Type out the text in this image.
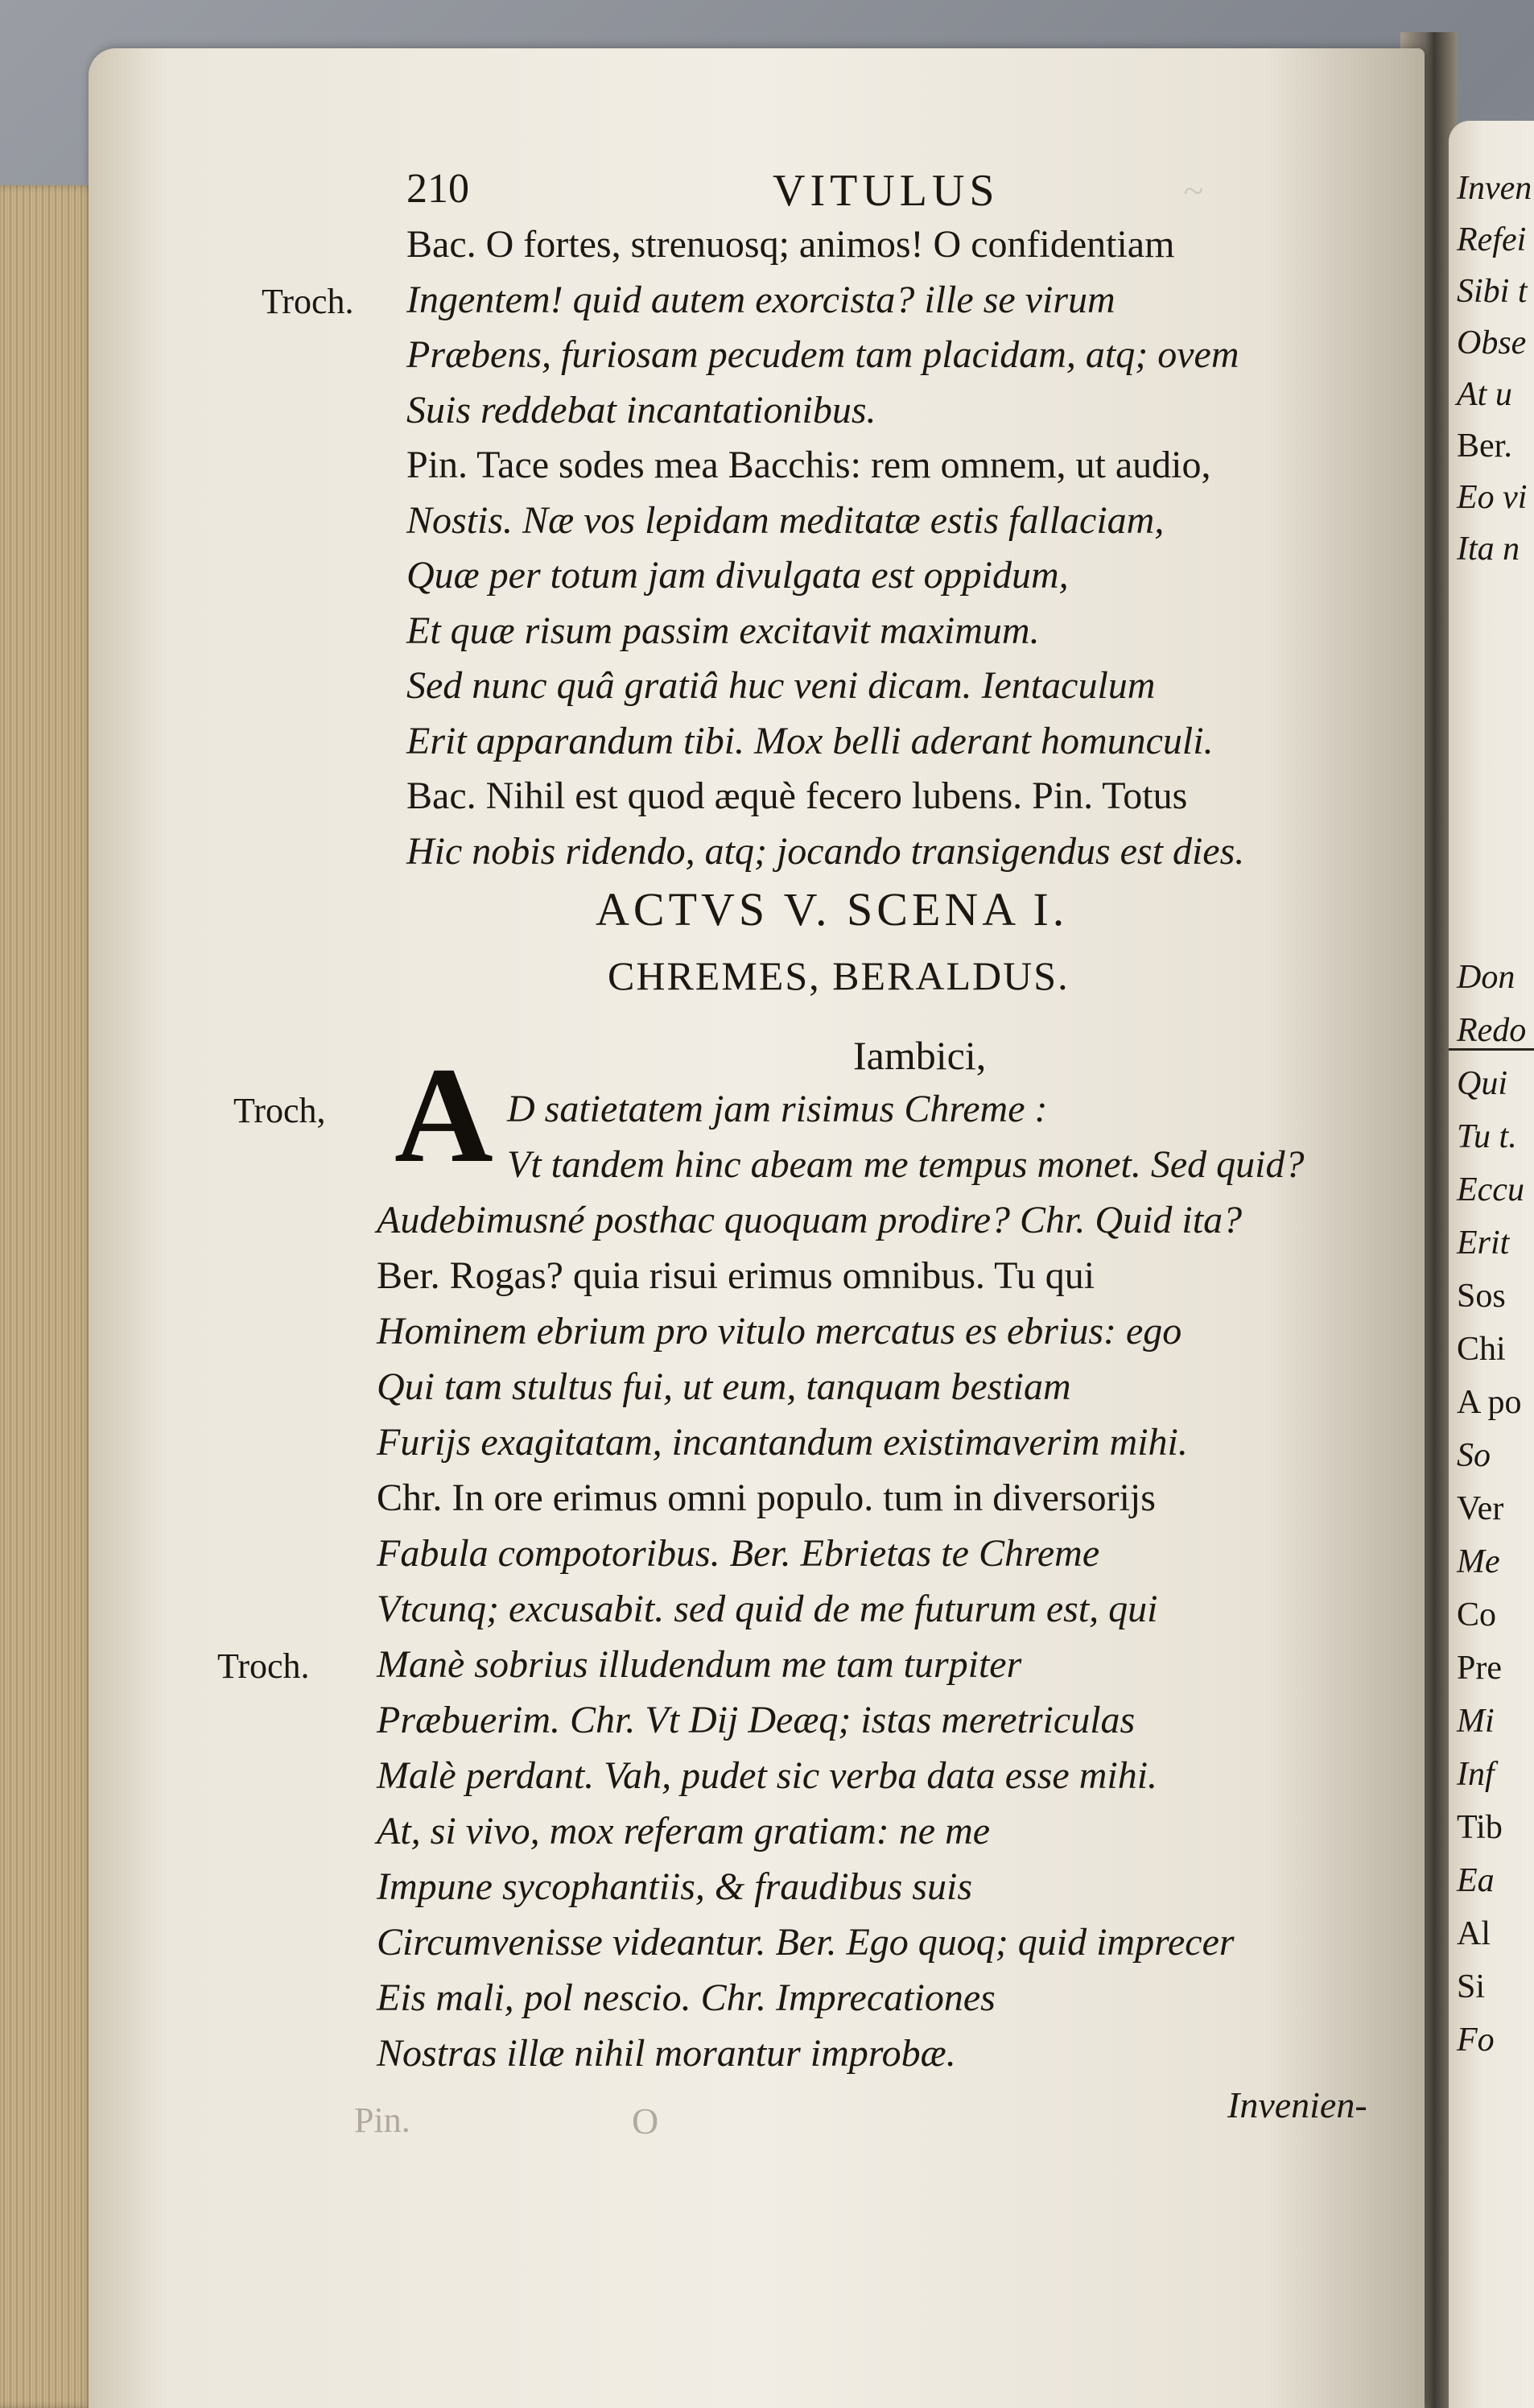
Inven
Refei
Sibi t
Obse
At u
Ber.
Eo vi
Ita n
Don
Redo
Qui
Tu t.
Eccu
Erit
Sos
Chi
A po
So
Ver
Me
Co
Pre
Mi
Inf
Tib
Ea
Al
Si
Fo
~
210	VITULUS
ACTVS V. SCENA I.
CHREMES, BERALDUS.
Iambici,
A
Invenien-
Pin.	O
Bac. O fortes, strenuosq; animos! O confidentiam
Ingentem! quid autem exorcista? ille se virum
Troch.
Præbens, furiosam pecudem tam placidam, atq; ovem
Suis reddebat incantationibus.
Pin. Tace sodes mea Bacchis: rem omnem, ut audio,
Nostis. Næ vos lepidam meditatæ estis fallaciam,
Quæ per totum jam divulgata est oppidum,
Et quæ risum passim excitavit maximum.
Sed nunc quâ gratiâ huc veni dicam. Ientaculum
Erit apparandum tibi. Mox belli aderant homunculi.
Bac. Nihil est quod æquè fecero lubens. Pin. Totus
Hic nobis ridendo, atq; jocando transigendus est dies.
D satietatem jam risimus Chreme :
Troch,
Vt tandem hinc abeam me tempus monet. Sed quid?
Audebimusné posthac quoquam prodire? Chr. Quid ita?
Ber. Rogas? quia risui erimus omnibus. Tu qui
Hominem ebrium pro vitulo mercatus es ebrius: ego
Qui tam stultus fui, ut eum, tanquam bestiam
Furijs exagitatam, incantandum existimaverim mihi.
Chr. In ore erimus omni populo. tum in diversorijs
Fabula compotoribus. Ber. Ebrietas te Chreme
Vtcunq; excusabit. sed quid de me futurum est, qui
Manè sobrius illudendum me tam turpiter
Troch.
Præbuerim. Chr. Vt Dij Deæq; istas meretriculas
Malè perdant. Vah, pudet sic verba data esse mihi.
At, si vivo, mox referam gratiam: ne me
Impune sycophantiis, & fraudibus suis
Circumvenisse videantur. Ber. Ego quoq; quid imprecer
Eis mali, pol nescio. Chr. Imprecationes
Nostras illæ nihil morantur improbæ.
